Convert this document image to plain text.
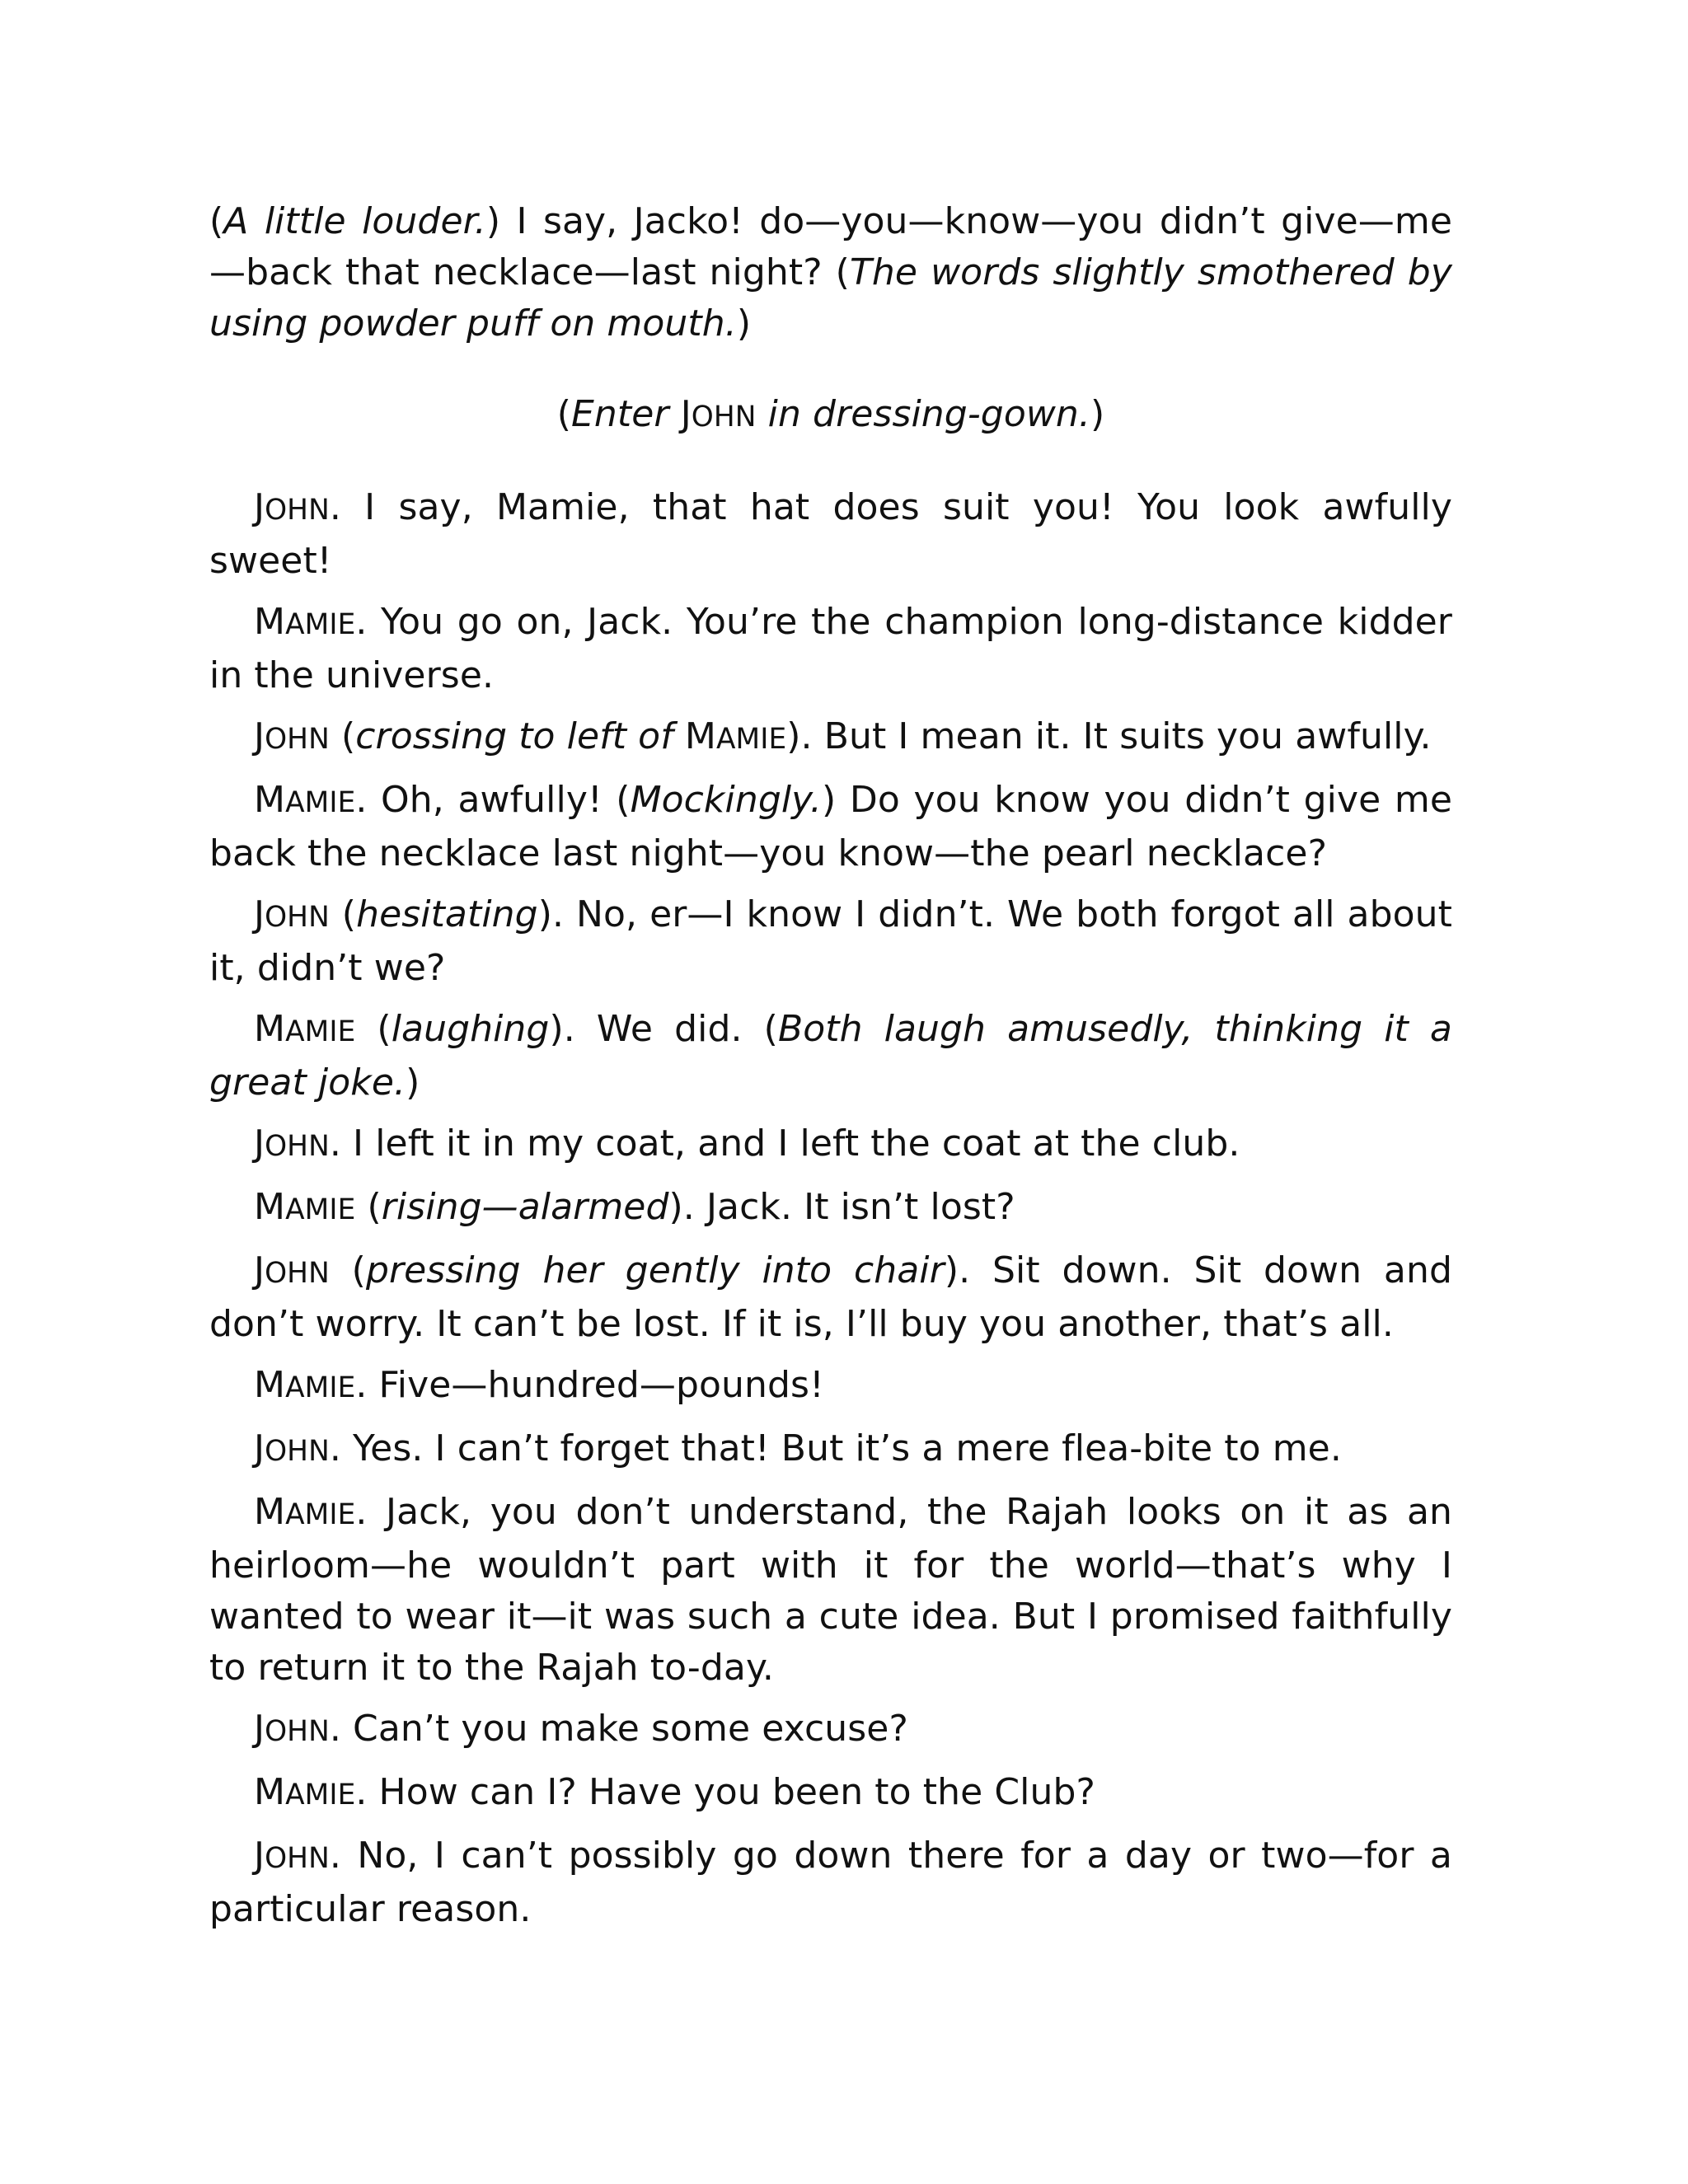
(A little louder.) I say, Jacko! do—you—know—you didn’t give—me—back that necklace—last night? (The words slightly smothered by using powder puff on mouth.)

(Enter JOHN in dressing-gown.)

JOHN. I say, Mamie, that hat does suit you! You look awfully sweet!

MAMIE. You go on, Jack. You’re the champion long-distance kidder in the universe.

JOHN (crossing to left of MAMIE). But I mean it. It suits you awfully.

MAMIE. Oh, awfully! (Mockingly.) Do you know you didn’t give me back the necklace last night—you know—the pearl necklace?

JOHN (hesitating). No, er—I know I didn’t. We both forgot all about it, didn’t we?

MAMIE (laughing). We did. (Both laugh amusedly, thinking it a great joke.)

JOHN. I left it in my coat, and I left the coat at the club.

MAMIE (rising—alarmed). Jack. It isn’t lost?

JOHN (pressing her gently into chair). Sit down. Sit down and don’t worry. It can’t be lost. If it is, I’ll buy you another, that’s all.

MAMIE. Five—hundred—pounds!

JOHN. Yes. I can’t forget that! But it’s a mere flea-bite to me.

MAMIE. Jack, you don’t understand, the Rajah looks on it as an heirloom—he wouldn’t part with it for the world—that’s why I wanted to wear it—it was such a cute idea. But I promised faithfully to return it to the Rajah to-day.

JOHN. Can’t you make some excuse?

MAMIE. How can I? Have you been to the Club?

JOHN. No, I can’t possibly go down there for a day or two—for a particular reason.
